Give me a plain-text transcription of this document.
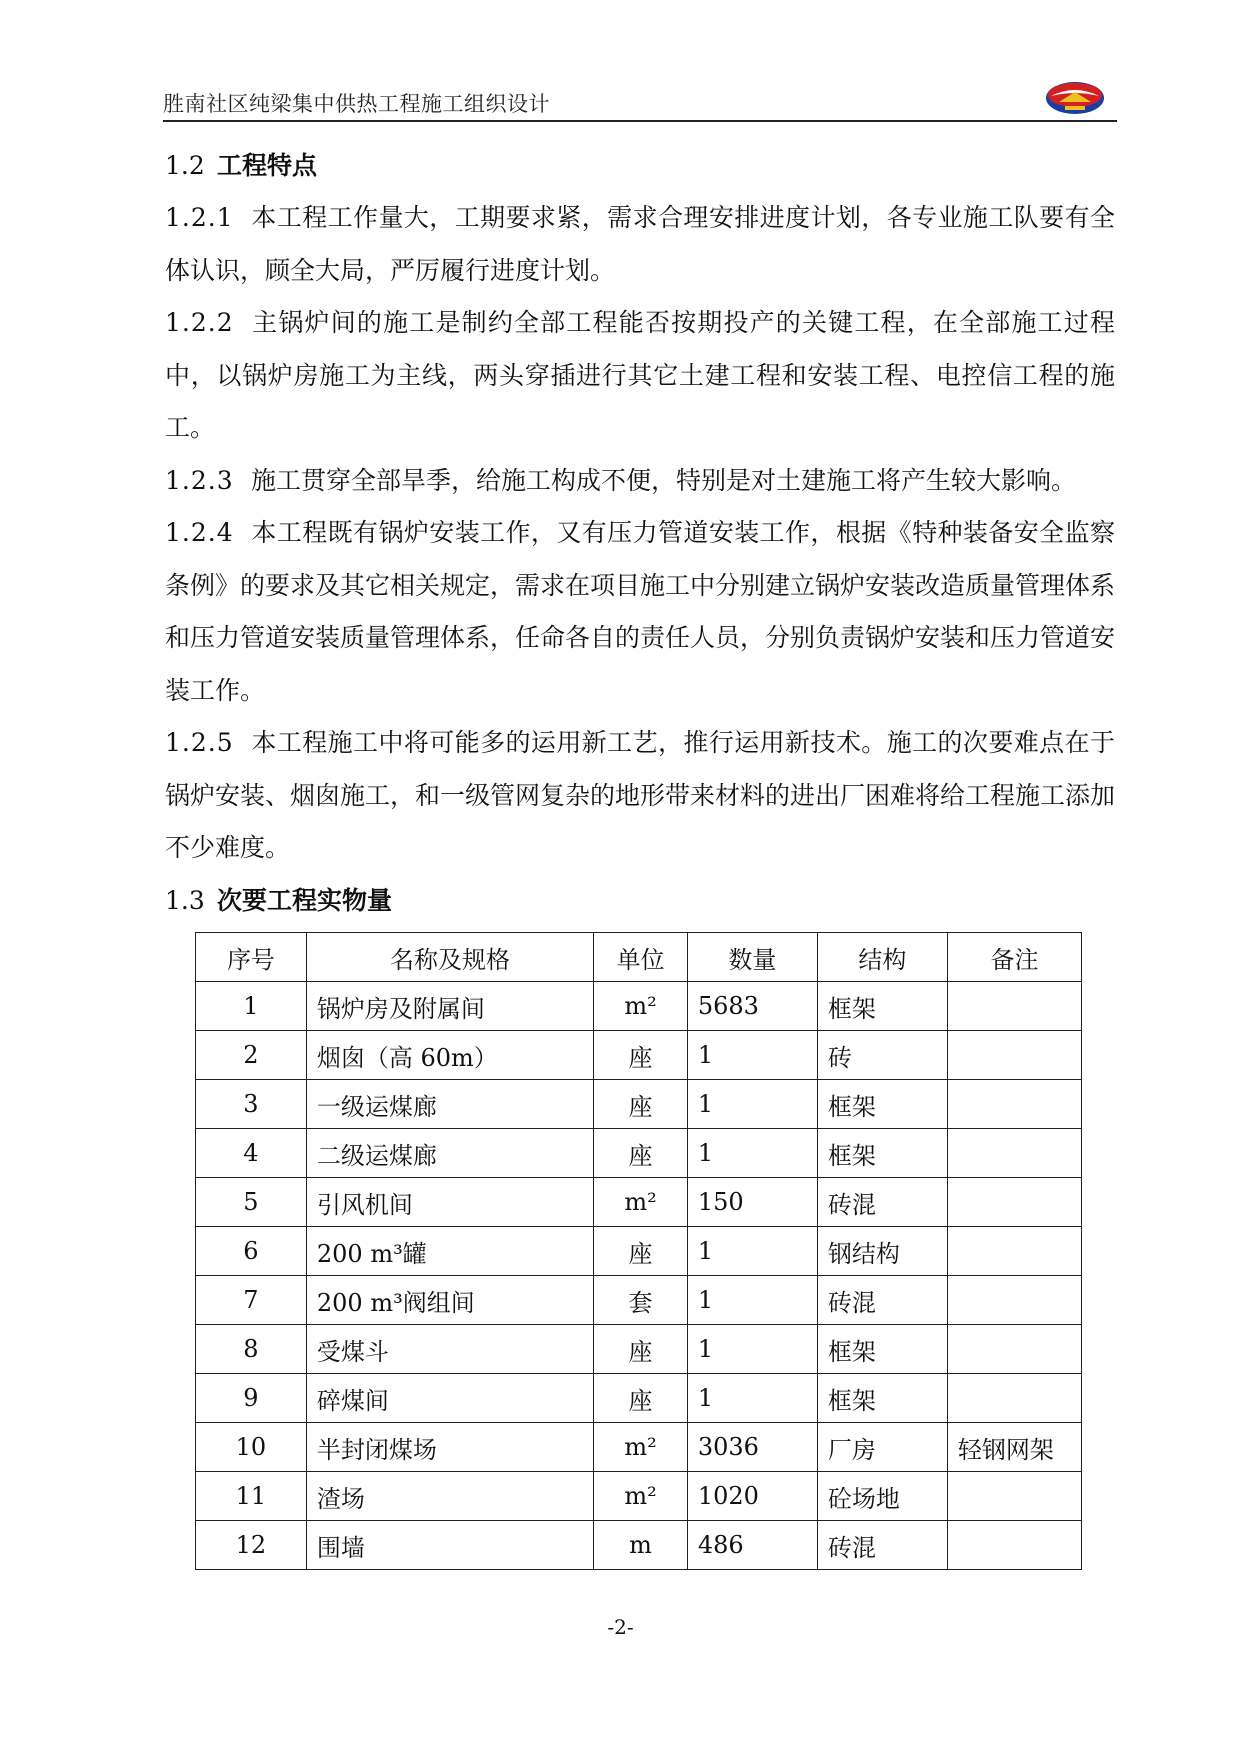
胜南社区纯梁集中供热工程施工组织设计
1.2 工程特点

1.2.1 本工程工作量大，工期要求紧，需求合理安排进度计划，各专业施工队要有全体认识，顾全大局，严厉履行进度计划。

1.2.2 主锅炉间的施工是制约全部工程能否按期投产的关键工程，在全部施工过程中，以锅炉房施工为主线，两头穿插进行其它土建工程和安装工程、电控信工程的施工。

1.2.3 施工贯穿全部旱季，给施工构成不便，特别是对土建施工将产生较大影响。

1.2.4 本工程既有锅炉安装工作，又有压力管道安装工作，根据《特种装备安全监察条例》的要求及其它相关规定，需求在项目施工中分别建立锅炉安装改造质量管理体系和压力管道安装质量管理体系，任命各自的责任人员，分别负责锅炉安装和压力管道安装工作。

1.2.5 本工程施工中将可能多的运用新工艺，推行运用新技术。施工的次要难点在于锅炉安装、烟囱施工，和一级管网复杂的地形带来材料的进出厂困难将给工程施工添加不少难度。

1.3 次要工程实物量
序号	名称及规格	单位	数量	结构	备注
1	锅炉房及附属间	m²	5683	框架	
2	烟囱（高 60m）	座	1	砖	
3	一级运煤廊	座	1	框架	
4	二级运煤廊	座	1	框架	
5	引风机间	m²	150	砖混	
6	200 m³罐	座	1	钢结构	
7	200 m³阀组间	套	1	砖混	
8	受煤斗	座	1	框架	
9	碎煤间	座	1	框架	
10	半封闭煤场	m²	3036	厂房	轻钢网架
11	渣场	m²	1020	砼场地	
12	围墙	m	486	砖混	
-2-
